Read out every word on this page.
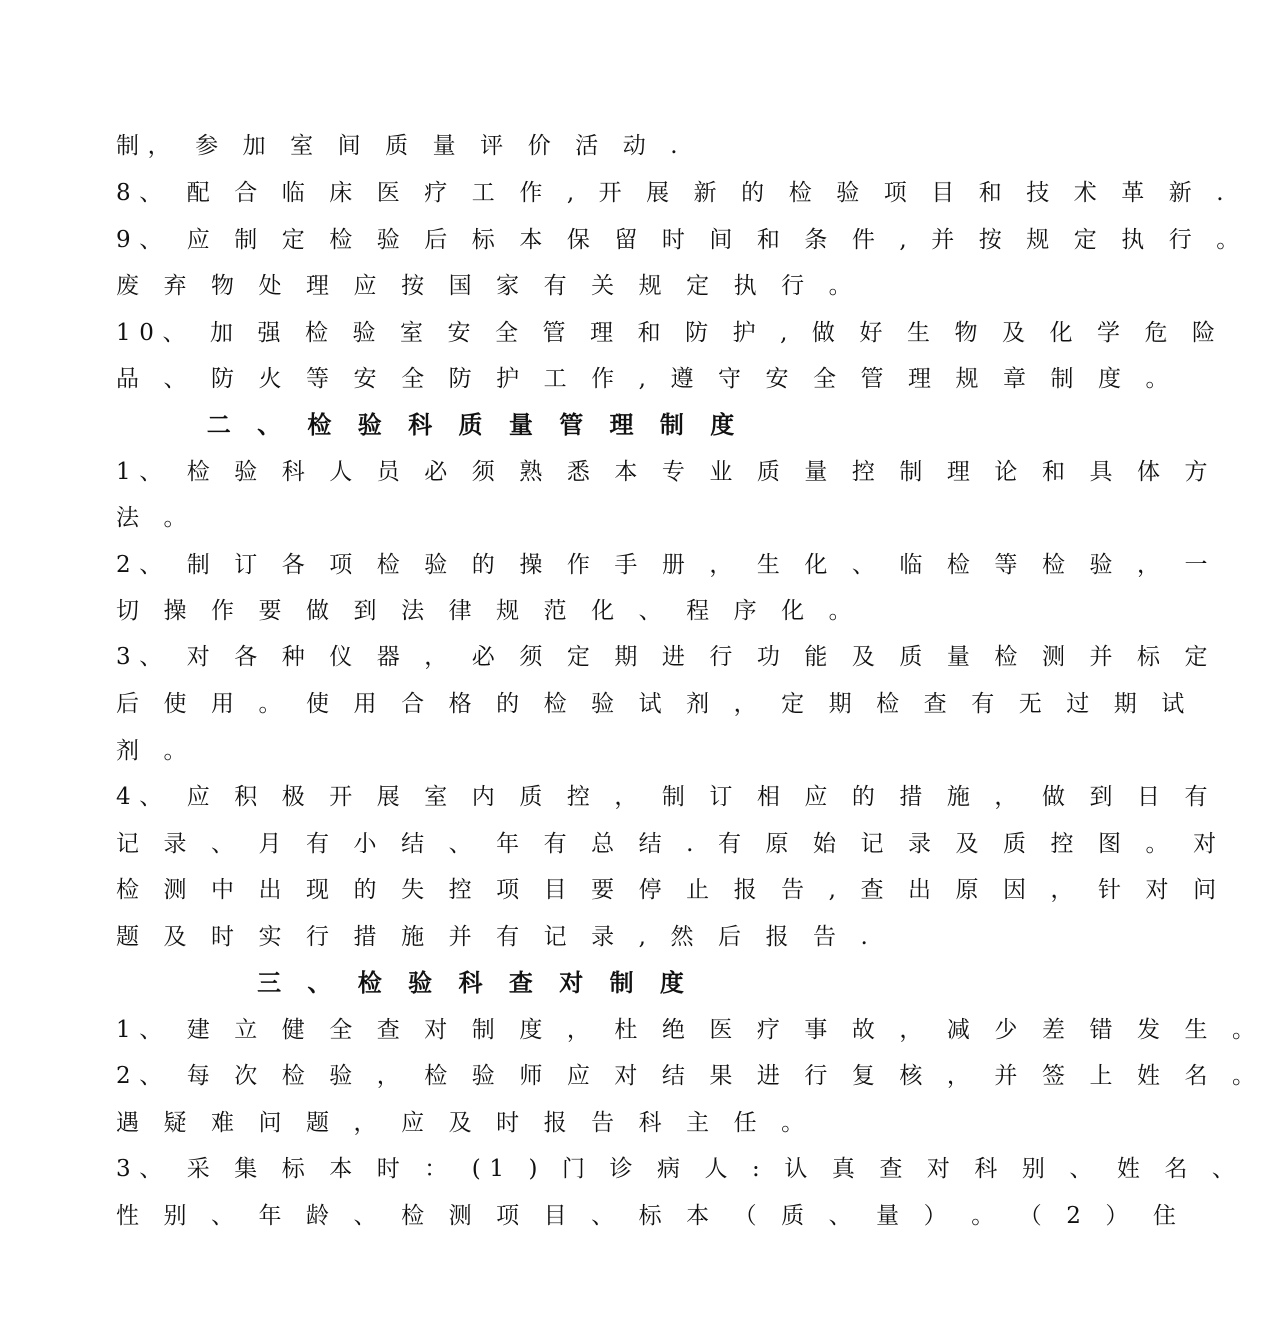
制， 参 加 室 间 质 量 评 价 活 动 .
8、 配 合 临 床 医 疗 工 作 , 开 展 新 的 检 验 项 目 和 技 术 革 新 .
9、 应 制 定 检 验 后 标 本 保 留 时 间 和 条 件 , 并 按 规 定 执 行 。
废 弃 物 处 理 应 按 国 家 有 关 规 定 执 行 。
10、 加 强 检 验 室 安 全 管 理 和 防 护 , 做 好 生 物 及 化 学 危 险
品 、 防 火 等 安 全 防 护 工 作 , 遵 守 安 全 管 理 规 章 制 度 。
二 、 检 验 科 质 量 管 理 制 度
1、 检 验 科 人 员 必 须 熟 悉 本 专 业 质 量 控 制 理 论 和 具 体 方
法 。
2、 制 订 各 项 检 验 的 操 作 手 册 ， 生 化 、 临 检 等 检 验 ， 一
切 操 作 要 做 到 法 律 规 范 化 、 程 序 化 。
3、 对 各 种 仪 器 ， 必 须 定 期 进 行 功 能 及 质 量 检 测 并 标 定
后 使 用 。 使 用 合 格 的 检 验 试 剂 ， 定 期 检 查 有 无 过 期 试
剂 。
4、 应 积 极 开 展 室 内 质 控 ， 制 订 相 应 的 措 施 ， 做 到 日 有
记 录 、 月 有 小 结 、 年 有 总 结 . 有 原 始 记 录 及 质 控 图 。 对
检 测 中 出 现 的 失 控 项 目 要 停 止 报 告 , 查 出 原 因 ， 针 对 问
题 及 时 实 行 措 施 并 有 记 录 , 然 后 报 告 .
三 、 检 验 科 查 对 制 度
1、 建 立 健 全 查 对 制 度 ， 杜 绝 医 疗 事 故 ， 减 少 差 错 发 生 。
2、 每 次 检 验 ， 检 验 师 应 对 结 果 进 行 复 核 ， 并 签 上 姓 名 。
遇 疑 难 问 题 ， 应 及 时 报 告 科 主 任 。
3、 采 集 标 本 时 ： (1 ) 门 诊 病 人 : 认 真 查 对 科 别 、 姓 名 、
性 别 、 年 龄 、 检 测 项 目 、 标 本 （ 质 、 量 ） 。 （ 2 ） 住
